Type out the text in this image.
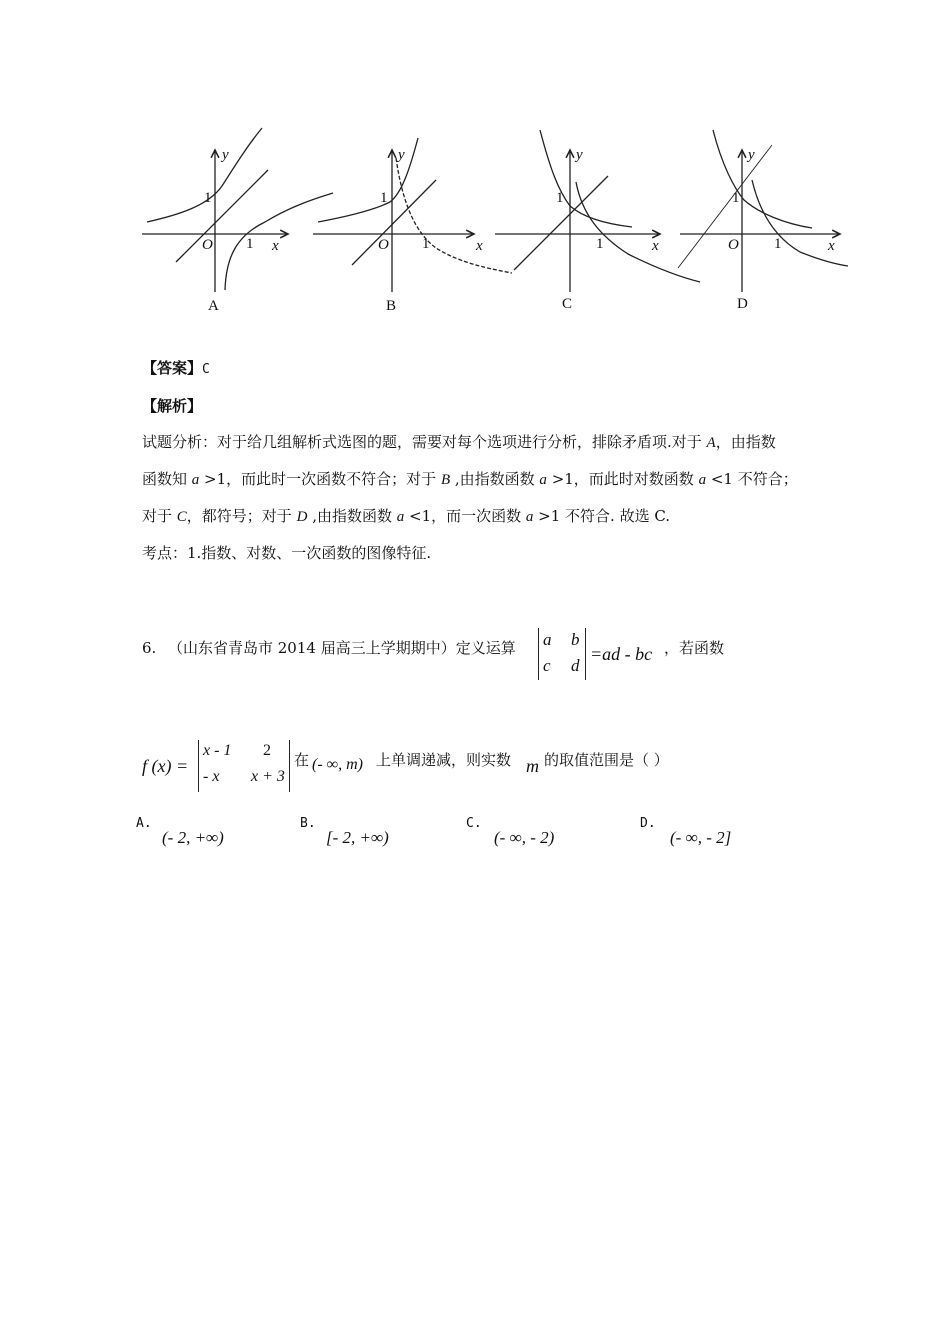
y
x
O 1
1
A
y
x
O 1
1
B
y
x
1
1
C
y
x
O 1
1
D
【答案】C
【解析】
试题分析：对于给几组解析式选图的题，需要对每个选项进行分析，排除矛盾项.对于 A，由指数
函数知 a >1，而此时一次函数不符合；对于 B ,由指数函数 a >1，而此时对数函数 a <1 不符合；
对于 C，都符号；对于 D ,由指数函数 a <1，而一次函数 a >1 不符合. 故选 C.
考点：1.指数、对数、一次函数的图像特征.
6. （山东省青岛市 2014 届高三上学期期中）定义运算 a b
c d
=ad - bc ，若函数
f (x) =
x - 1 2
- x x + 3
在 (- ∞, m) 上单调递减，则实数 m 的取值范围是（ ）
A.
(- 2, +∞)
B.
[- 2, +∞)
C.
(- ∞, - 2)
D.
(- ∞, - 2]
